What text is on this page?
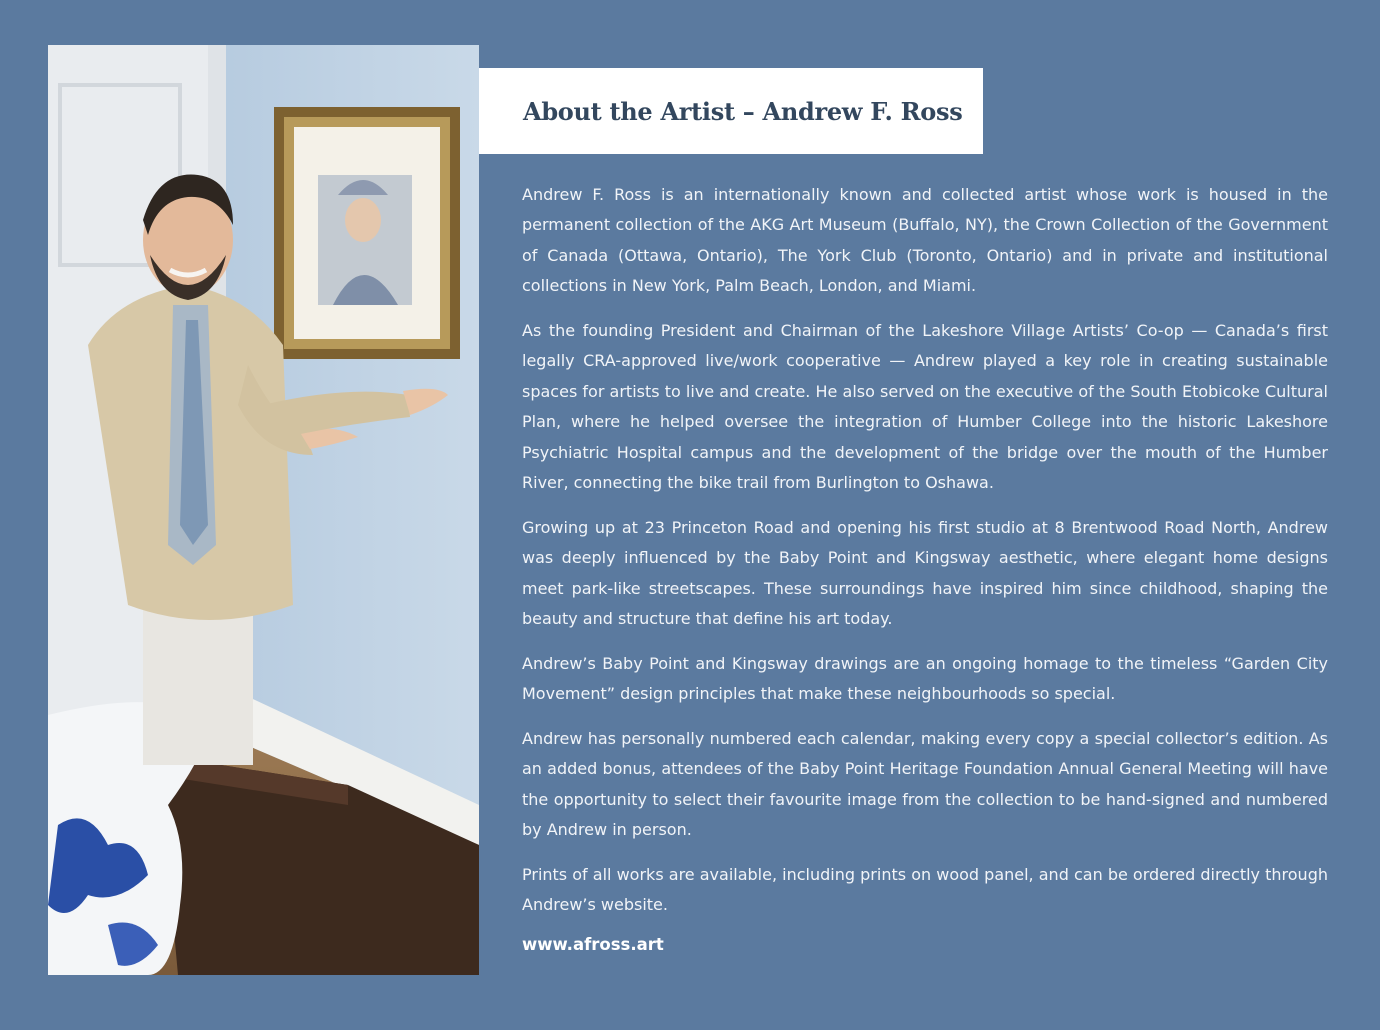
About the Artist – Andrew F. Ross

Andrew F. Ross is an internationally known and collected artist whose work is housed in the permanent collection of the AKG Art Museum (Buffalo, NY), the Crown Collection of the Government of Canada (Ottawa, Ontario), The York Club (Toronto, Ontario) and in private and institutional collections in New York, Palm Beach, London, and Miami.

As the founding President and Chairman of the Lakeshore Village Artists’ Co-op — Canada’s first legally CRA-approved live/work cooperative — Andrew played a key role in creating sustainable spaces for artists to live and create. He also served on the executive of the South Etobicoke Cultural Plan, where he helped oversee the integration of Humber College into the historic Lakeshore Psychiatric Hospital campus and the development of the bridge over the mouth of the Humber River, connecting the bike trail from Burlington to Oshawa.

Growing up at 23 Princeton Road and opening his first studio at 8 Brentwood Road North, Andrew was deeply influenced by the Baby Point and Kingsway aesthetic, where elegant home designs meet park-like streetscapes. These surroundings have inspired him since childhood, shaping the beauty and structure that define his art today.

Andrew’s Baby Point and Kingsway drawings are an ongoing homage to the timeless “Garden City Movement” design principles that make these neighbourhoods so special.

Andrew has personally numbered each calendar, making every copy a special collector’s edition. As an added bonus, attendees of the Baby Point Heritage Foundation Annual General Meeting will have the opportunity to select their favourite image from the collection to be hand-signed and numbered by Andrew in person.

Prints of all works are available, including prints on wood panel, and can be ordered directly through Andrew’s website.

www.afross.art
